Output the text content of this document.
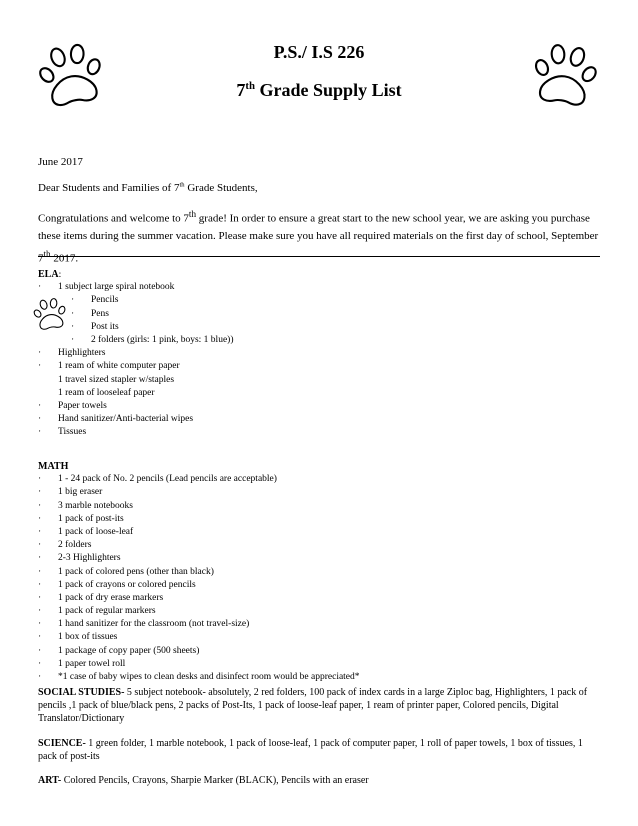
P.S./ I.S 226
7th Grade Supply List
June 2017
Dear Students and Families of 7th Grade Students,
Congratulations and welcome to 7th grade! In order to ensure a great start to the new school year, we are asking you purchase these items during the summer vacation. Please make sure you have all required materials on the first day of school, September 7th 2017.
ELA:
· 1 subject large spiral notebook
· Pencils
· Pens
· Post its
· 2 folders (girls: 1 pink, boys: 1 blue))
· Highlighters
· 1 ream of white computer paper
1 travel sized stapler w/staples
1 ream of looseleaf paper
· Paper towels
· Hand sanitizer/Anti-bacterial wipes
· Tissues
MATH
· 1 - 24 pack of No. 2 pencils (Lead pencils are acceptable)
· 1 big eraser
· 3 marble notebooks
· 1 pack of post-its
· 1 pack of loose-leaf
· 2 folders
· 2-3 Highlighters
· 1 pack of colored pens (other than black)
· 1 pack of crayons or colored pencils
· 1 pack of dry erase markers
· 1 pack of regular markers
· 1 hand sanitizer for the classroom (not travel-size)
· 1 box of tissues
· 1 package of copy paper (500 sheets)
· 1 paper towel roll
· *1 case of baby wipes to clean desks and disinfect room would be appreciated*
SOCIAL STUDIES- 5 subject notebook- absolutely, 2 red folders, 100 pack of index cards in a large Ziploc bag, Highlighters, 1 pack of pencils ,1 pack of blue/black pens, 2 packs of Post-Its, 1 pack of loose-leaf paper, 1 ream of printer paper, Colored pencils, Digital Translator/Dictionary
SCIENCE- 1 green folder, 1 marble notebook, 1 pack of loose-leaf, 1 pack of computer paper, 1 roll of paper towels, 1 box of tissues, 1 pack of post-its
ART- Colored Pencils, Crayons, Sharpie Marker (BLACK), Pencils with an eraser
